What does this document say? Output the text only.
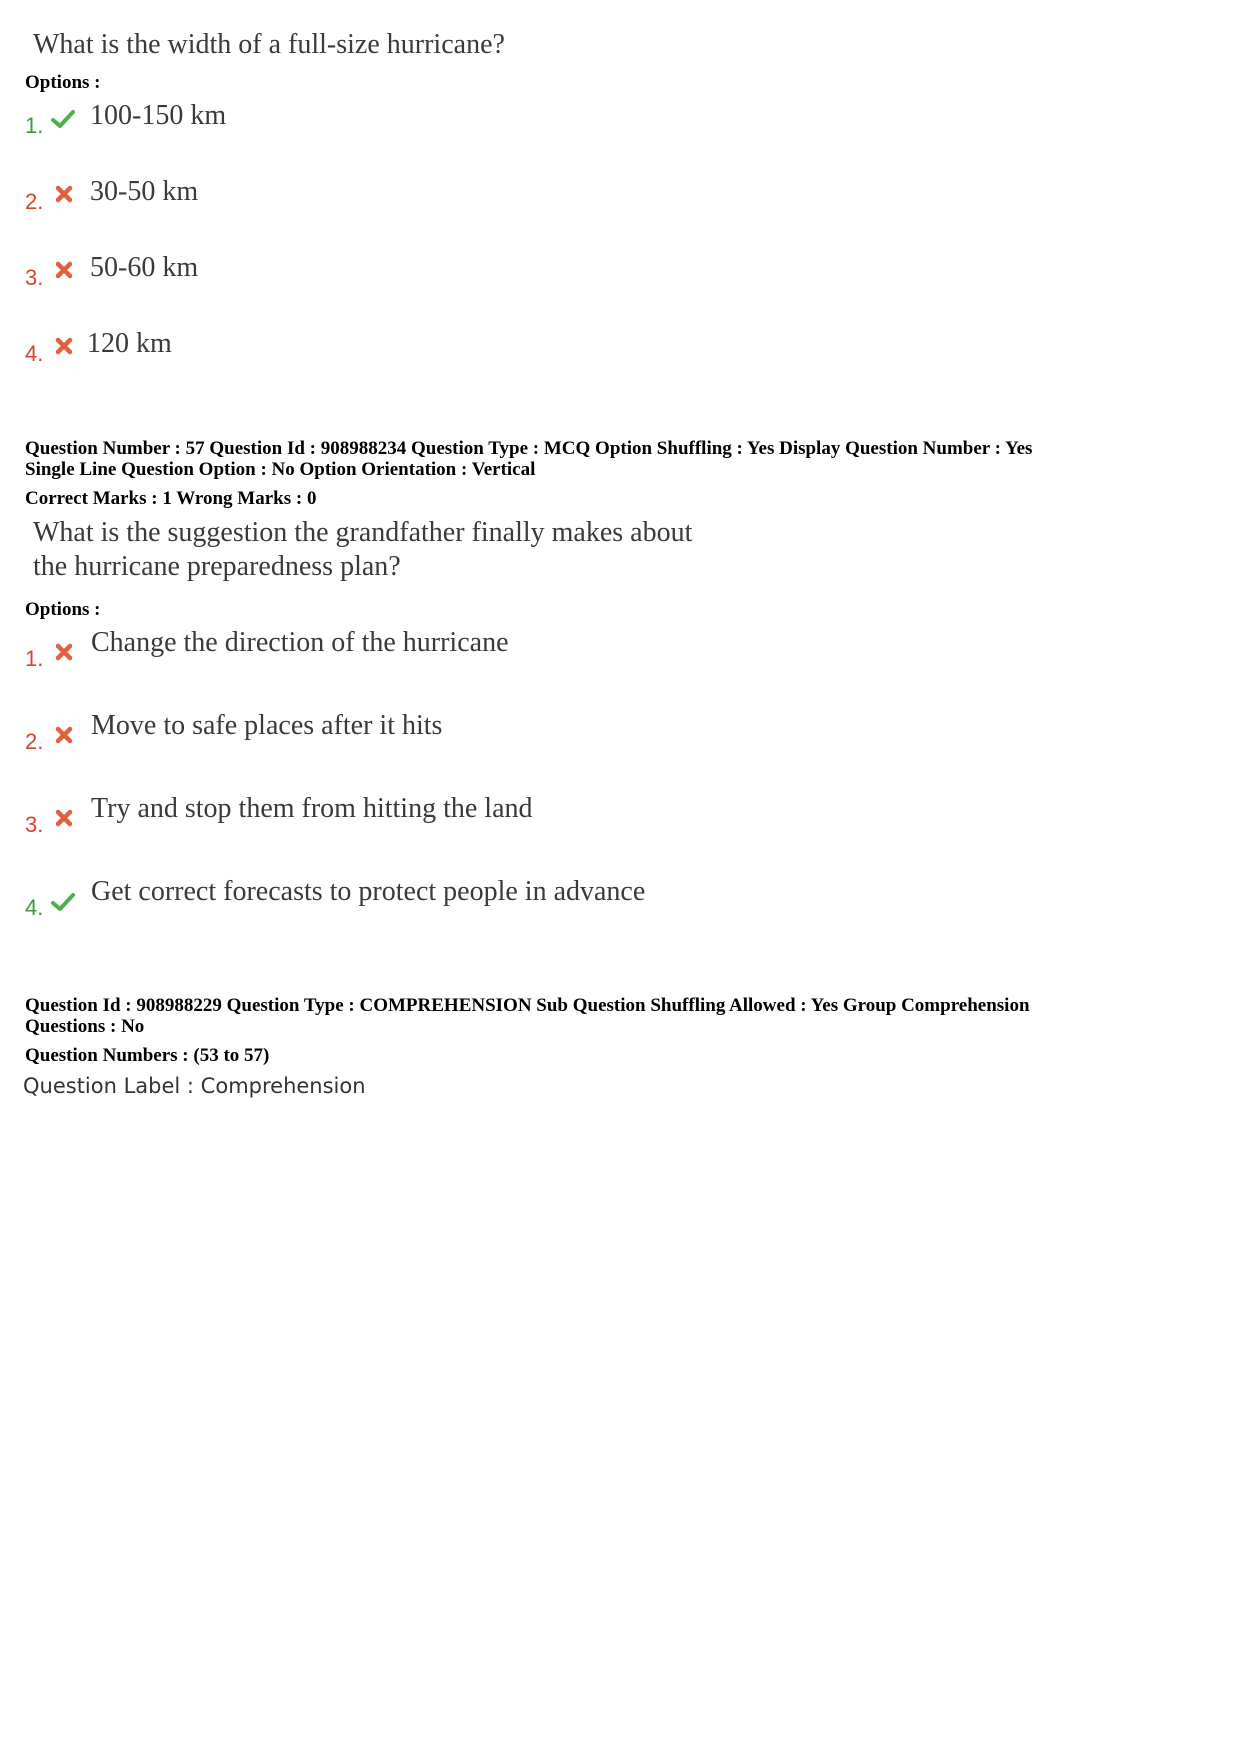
What is the width of a full-size hurricane?
Options :
1. 100-150 km
2. 30-50 km
3. 50-60 km
4. 120 km
Question Number : 57 Question Id : 908988234 Question Type : MCQ Option Shuffling : Yes Display Question Number : Yes
Single Line Question Option : No Option Orientation : Vertical
Correct Marks : 1 Wrong Marks : 0
What is the suggestion the grandfather finally makes about
the hurricane preparedness plan?
Options :
1.
Change the direction of the hurricane
2.
Move to safe places after it hits
3.
Try and stop them from hitting the land
4.
Get correct forecasts to protect people in advance
Question Id : 908988229 Question Type : COMPREHENSION Sub Question Shuffling Allowed : Yes Group Comprehension
Questions : No
Question Numbers : (53 to 57)
Question Label : Comprehension
